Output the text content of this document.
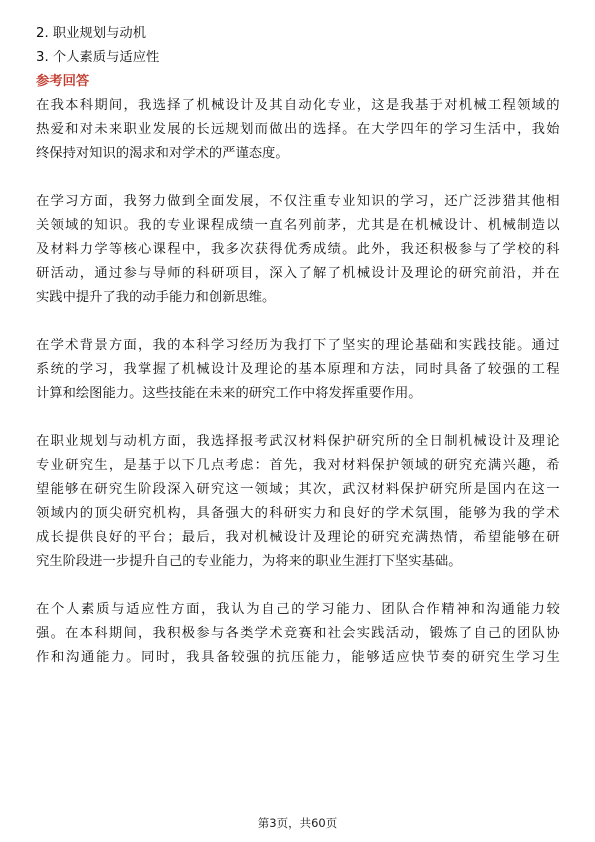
2. 职业规划与动机

3. 个人素质与适应性

参考回答

在 我 本 科 期 间 ， 我 选 择 了 机 械 设 计 及 其 自 动 化 专 业 ， 这 是 我 基 于 对 机 械 工 程 领 域 的

热 爱 和 对 未 来 职 业 发 展 的 长 远 规 划 而 做 出 的 选 择 。 在 大 学 四 年 的 学 习 生 活 中 ， 我 始

终保持对知识的渴求和对学术的严谨态度。

在 学 习 方 面 ， 我 努 力 做 到 全 面 发 展 ， 不 仅 注 重 专 业 知 识 的 学 习 ， 还 广 泛 涉 猎 其 他 相

关 领 域 的 知 识 。 我 的 专 业 课 程 成 绩 一 直 名 列 前 茅 ， 尤 其 是 在 机 械 设 计 、 机 械 制 造 以

及 材 料 力 学 等 核 心 课 程 中 ， 我 多 次 获 得 优 秀 成 绩 。 此 外 ， 我 还 积 极 参 与 了 学 校 的 科

研 活 动 ， 通 过 参 与 导 师 的 科 研 项 目 ， 深 入 了 解 了 机 械 设 计 及 理 论 的 研 究 前 沿 ， 并 在

实践中提升了我的动手能力和创新思维。

在 学 术 背 景 方 面 ， 我 的 本 科 学 习 经 历 为 我 打 下 了 坚 实 的 理 论 基 础 和 实 践 技 能 。 通 过

系 统 的 学 习 ， 我 掌 握 了 机 械 设 计 及 理 论 的 基 本 原 理 和 方 法 ， 同 时 具 备 了 较 强 的 工 程

计算和绘图能力。这些技能在未来的研究工作中将发挥重要作用。

在 职 业 规 划 与 动 机 方 面 ， 我 选 择 报 考 武 汉 材 料 保 护 研 究 所 的 全 日 制 机 械 设 计 及 理 论

专 业 研 究 生 ， 是 基 于 以 下 几 点 考 虑 ： 首 先 ， 我 对 材 料 保 护 领 域 的 研 究 充 满 兴 趣 ， 希

望 能 够 在 研 究 生 阶 段 深 入 研 究 这 一 领 域 ； 其 次 ， 武 汉 材 料 保 护 研 究 所 是 国 内 在 这 一

领 域 内 的 顶 尖 研 究 机 构 ， 具 备 强 大 的 科 研 实 力 和 良 好 的 学 术 氛 围 ， 能 够 为 我 的 学 术

成 长 提 供 良 好 的 平 台 ； 最 后 ， 我 对 机 械 设 计 及 理 论 的 研 究 充 满 热 情 ， 希 望 能 够 在 研

究生阶段进一步提升自己的专业能力，为将来的职业生涯打下坚实基础。

在 个 人 素 质 与 适 应 性 方 面 ， 我 认 为 自 己 的 学 习 能 力 、 团 队 合 作 精 神 和 沟 通 能 力 较

强 。 在 本 科 期 间 ， 我 积 极 参 与 各 类 学 术 竞 赛 和 社 会 实 践 活 动 ， 锻 炼 了 自 己 的 团 队 协

作 和 沟 通 能 力 。 同 时 ， 我 具 备 较 强 的 抗 压 能 力 ， 能 够 适 应 快 节 奏 的 研 究 生 学 习 生

第3页，共60页
